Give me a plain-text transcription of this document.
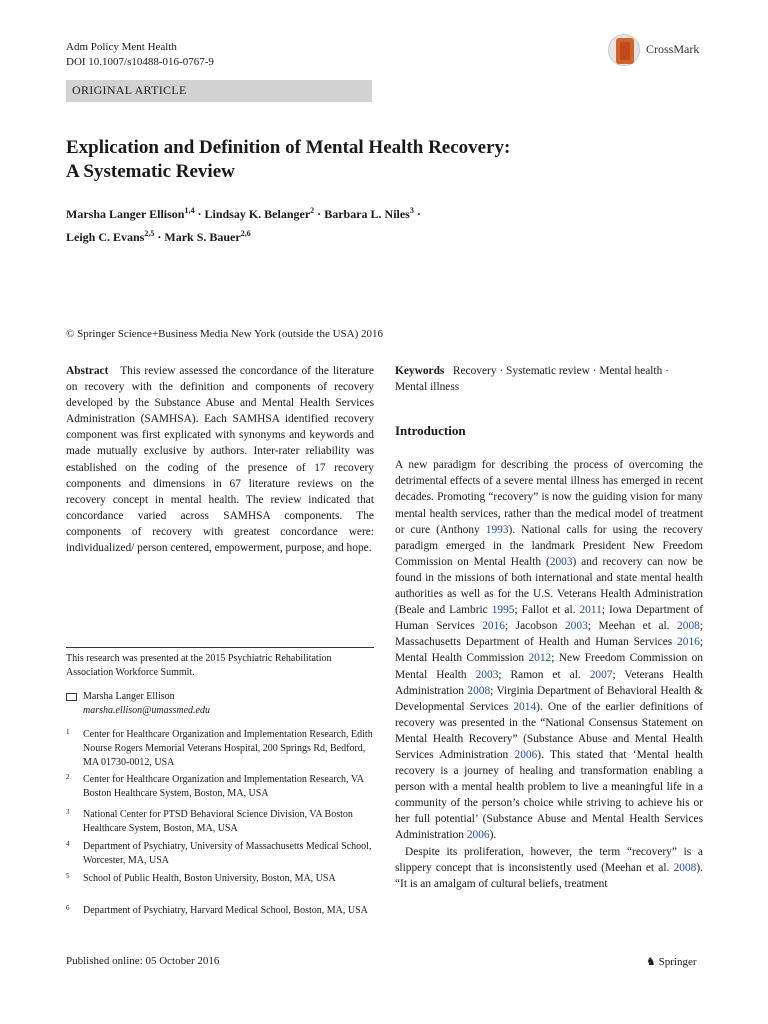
Adm Policy Ment Health
DOI 10.1007/s10488-016-0767-9
CrossMark
ORIGINAL ARTICLE
Explication and Definition of Mental Health Recovery:
A Systematic Review
Marsha Langer Ellison$^{1,4}$ · Lindsay K. Belanger$^2$ · Barbara L. Niles$^3$ ·
Leigh C. Evans$^{2,5}$ · Mark S. Bauer$^{2,6}$
© Springer Science+Business Media New York (outside the USA) 2016
Abstract This review assessed the concordance of the literature on recovery with the definition and components of recovery developed by the Substance Abuse and Mental Health Services Administration (SAMHSA). Each SAMHSA identified recovery component was first explicated with synonyms and keywords and made mutually exclusive by authors. Inter-rater reliability was established on the coding of the presence of 17 recovery components and dimensions in 67 literature reviews on the recovery concept in mental health. The review indicated that concordance varied across SAMHSA components. The components of recovery with greatest concordance were: individualized/ person centered, empowerment, purpose, and hope.
This research was presented at the 2015 Psychiatric Rehabilitation Association Workforce Summit.
Marsha Langer Ellison
marsha.ellison@umassmed.edu
1 Center for Healthcare Organization and Implementation Research, Edith Nourse Rogers Memorial Veterans Hospital, 200 Springs Rd, Bedford, MA 01730-0012, USA
2 Center for Healthcare Organization and Implementation Research, VA Boston Healthcare System, Boston, MA, USA
3 National Center for PTSD Behavioral Science Division, VA Boston Healthcare System, Boston, MA, USA
4 Department of Psychiatry, University of Massachusetts Medical School, Worcester, MA, USA
5 School of Public Health, Boston University, Boston, MA, USA
6 Department of Psychiatry, Harvard Medical School, Boston, MA, USA
Keywords Recovery · Systematic review · Mental health · Mental illness
Introduction
A new paradigm for describing the process of overcoming the detrimental effects of a severe mental illness has emerged in recent decades. Promoting “recovery” is now the guiding vision for many mental health services, rather than the medical model of treatment or cure (Anthony 1993). National calls for using the recovery paradigm emerged in the landmark President New Freedom Commission on Mental Health (2003) and recovery can now be found in the missions of both international and state mental health authorities as well as for the U.S. Veterans Health Administration (Beale and Lambric 1995; Fallot et al. 2011; Iowa Department of Human Services 2016; Jacobson 2003; Meehan et al. 2008; Massachusetts Department of Health and Human Services 2016; Mental Health Commission 2012; New Freedom Commission on Mental Health 2003; Ramon et al. 2007; Veterans Health Administration 2008; Virginia Department of Behavioral Health & Developmental Services 2014). One of the earlier definitions of recovery was presented in the “National Consensus Statement on Mental Health Recovery” (Substance Abuse and Mental Health Services Administration 2006). This stated that ‘Mental health recovery is a journey of healing and transformation enabling a person with a mental health problem to live a meaningful life in a community of the person’s choice while striving to achieve his or her full potential’ (Substance Abuse and Mental Health Services Administration 2006).
Despite its proliferation, however, the term “recovery” is a slippery concept that is inconsistently used (Meehan et al. 2008). “It is an amalgam of cultural beliefs, treatment
Published online: 05 October 2016	♞ Springer
